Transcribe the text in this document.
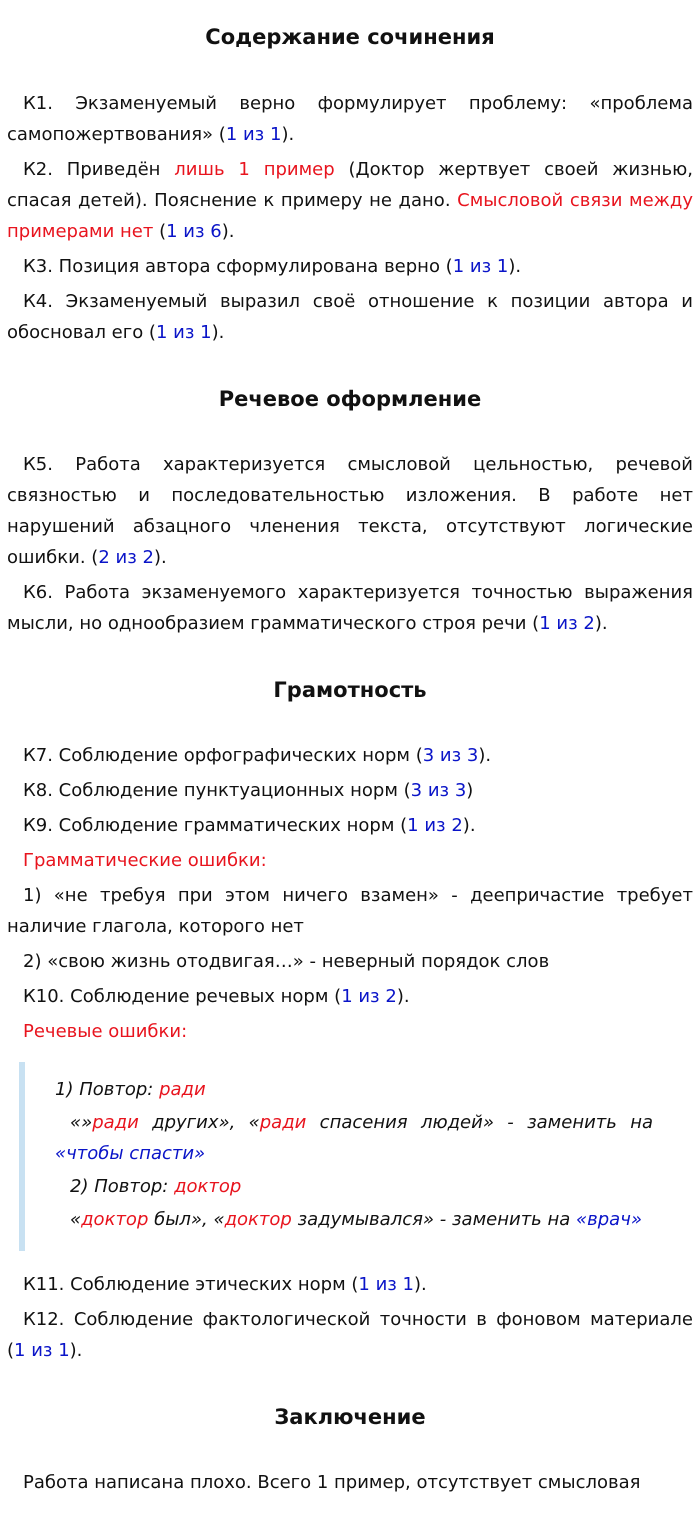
Содержание сочинения

К1. Экзаменуемый верно формулирует проблему: «проблема самопожертвования» (1 из 1).

К2. Приведён лишь 1 пример (Доктор жертвует своей жизнью, спасая детей). Пояснение к примеру не дано. Смысловой связи между примерами нет (1 из 6).

К3. Позиция автора сформулирована верно (1 из 1).

К4. Экзаменуемый выразил своё отношение к позиции автора и обосновал его (1 из 1).

Речевое оформление

К5. Работа характеризуется смысловой цельностью, речевой связностью и последовательностью изложения. В работе нет нарушений абзацного членения текста, отсутствуют логические ошибки. (2 из 2).

К6. Работа экзаменуемого характеризуется точностью выражения мысли, но однообразием грамматического строя речи (1 из 2).

Грамотность

К7. Соблюдение орфографических норм (3 из 3).

К8. Соблюдение пунктуационных норм (3 из 3)

К9. Соблюдение грамматических норм (1 из 2).

Грамматические ошибки:

1) «не требуя при этом ничего взамен» - деепричастие требует наличие глагола, которого нет

2) «свою жизнь отодвигая…» - неверный порядок слов

К10. Соблюдение речевых норм (1 из 2).

Речевые ошибки:

1) Повтор: ради

«»ради других», «ради спасения людей» - заменить на «чтобы спасти»

2) Повтор: доктор

«доктор был», «доктор задумывался» - заменить на «врач»

К11. Соблюдение этических норм (1 из 1).

К12. Соблюдение фактологической точности в фоновом материале (1 из 1).

Заключение

Работа написана плохо. Всего 1 пример, отсутствует смысловая
